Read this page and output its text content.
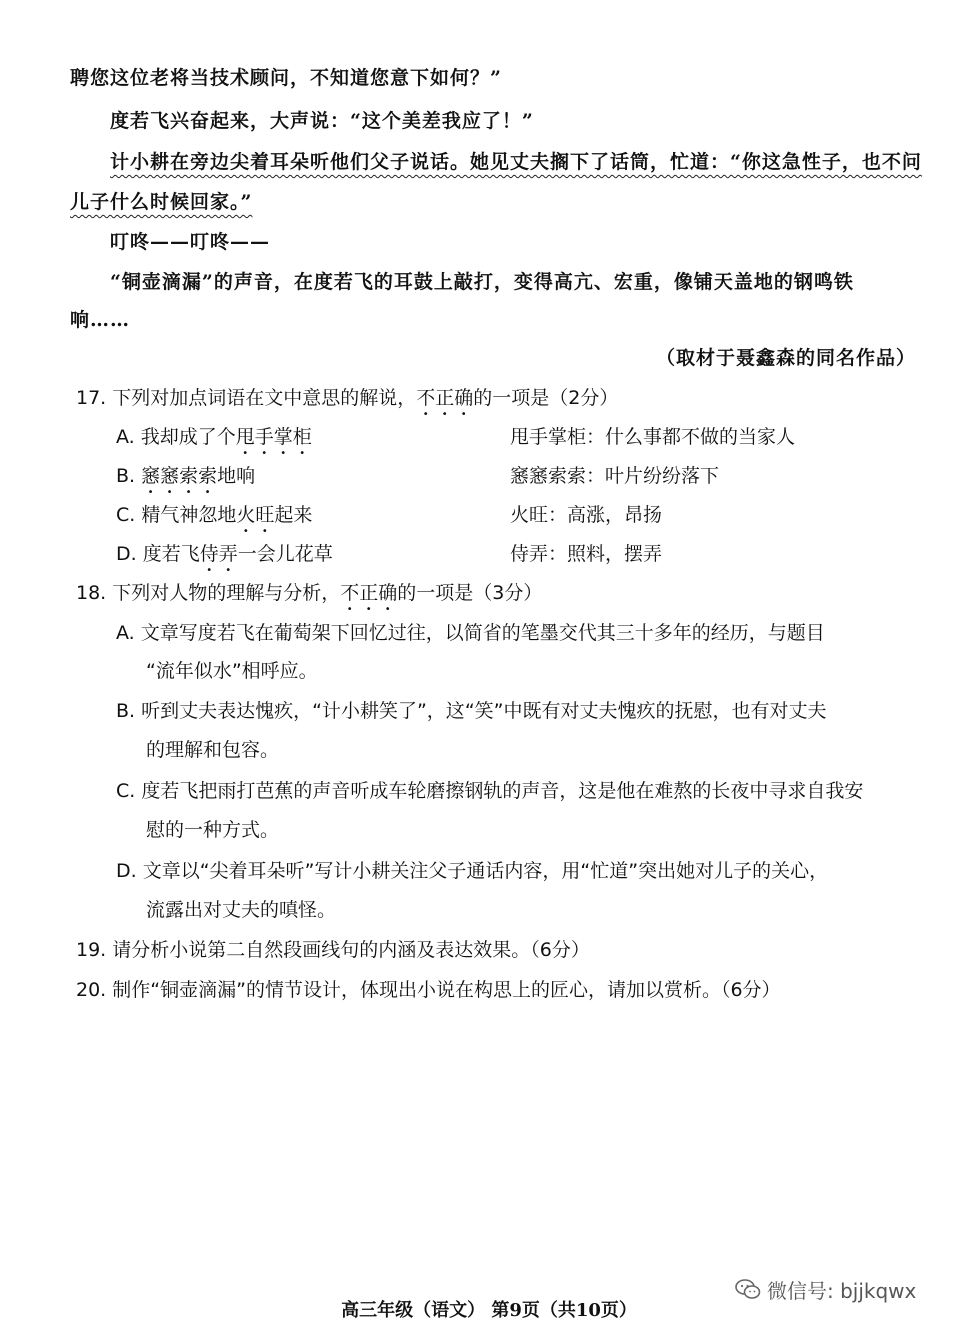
聘您这位老将当技术顾问，不知道您意下如何？”
度若飞兴奋起来，大声说：“这个美差我应了！”
计小耕在旁边尖着耳朵听他们父子说话。她见丈夫搁下了话筒，忙道：“你这急性子，也不问
儿子什么时候回家。”
叮咚——叮咚——
“铜壶滴漏”的声音，在度若飞的耳鼓上敲打，变得高亢、宏重，像铺天盖地的钢鸣铁
响……
（取材于聂鑫森的同名作品）
17. 下列对加点词语在文中意思的解说，不正确的一项是（2分）
A. 我却成了个甩手掌柜	甩手掌柜：什么事都不做的当家人
B. 窸窸索索地响	窸窸索索：叶片纷纷落下
C. 精气神忽地火旺起来	火旺：高涨，昂扬
D. 度若飞侍弄一会儿花草	侍弄：照料，摆弄
18. 下列对人物的理解与分析，不正确的一项是（3分）
A. 文章写度若飞在葡萄架下回忆过往，以简省的笔墨交代其三十多年的经历，与题目
“流年似水”相呼应。
B. 听到丈夫表达愧疚，“计小耕笑了”，这“笑”中既有对丈夫愧疚的抚慰，也有对丈夫
的理解和包容。
C. 度若飞把雨打芭蕉的声音听成车轮磨擦钢轨的声音，这是他在难熬的长夜中寻求自我安
慰的一种方式。
D. 文章以“尖着耳朵听”写计小耕关注父子通话内容，用“忙道”突出她对儿子的关心，
流露出对丈夫的嗔怪。
19. 请分析小说第二自然段画线句的内涵及表达效果。（6分）
20. 制作“铜壶滴漏”的情节设计，体现出小说在构思上的匠心，请加以赏析。（6分）
微信号: bjjkqwx
高三年级（语文） 第9页（共10页）
